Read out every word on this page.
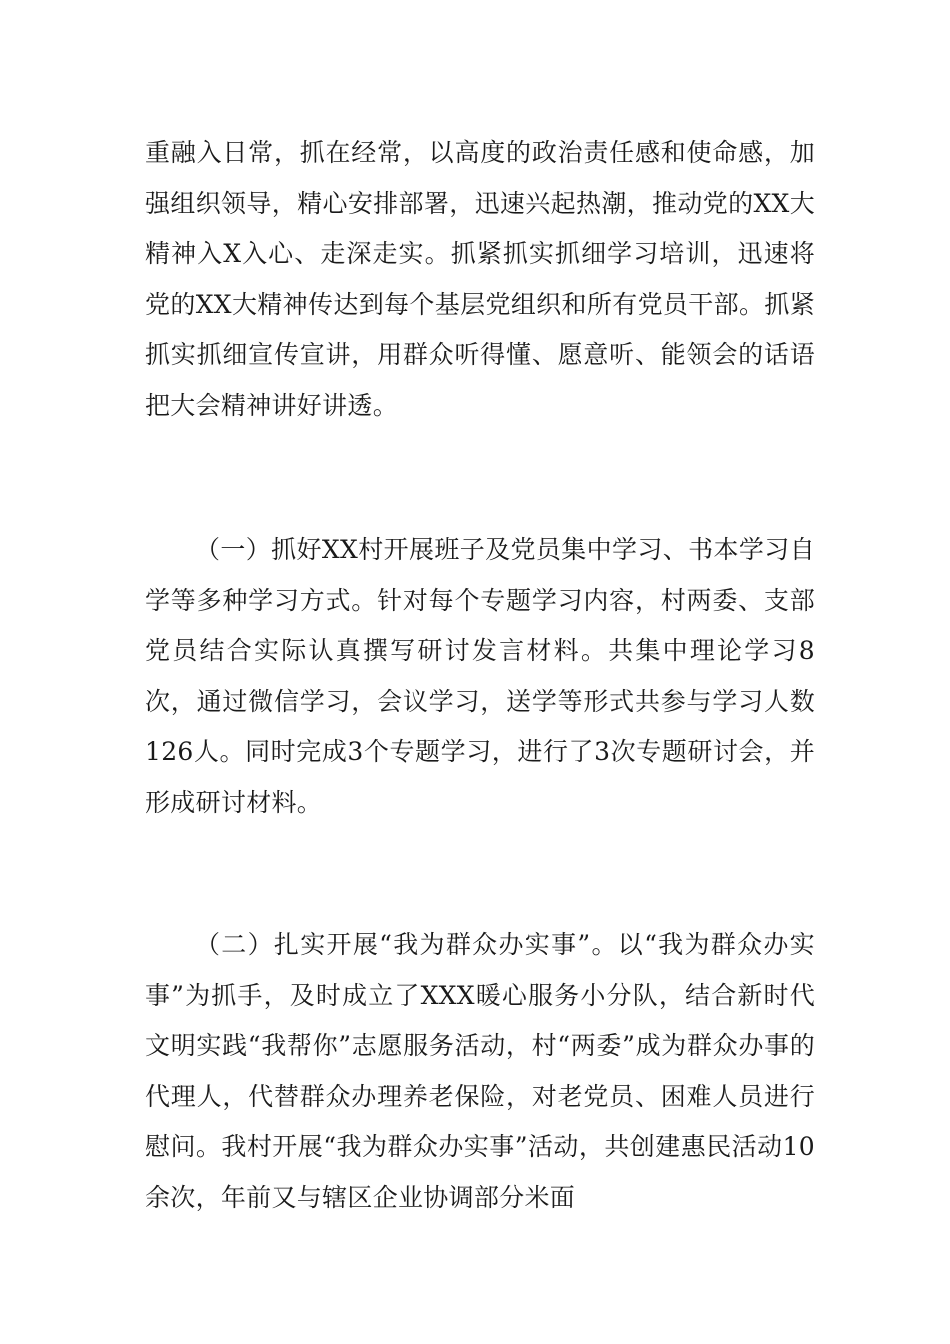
重融入日常，抓在经常，以高度的政治责任感和使命感，加强组织领导，精心安排部署，迅速兴起热潮，推动党的XX大精神入X入心、走深走实。抓紧抓实抓细学习培训，迅速将党的XX大精神传达到每个基层党组织和所有党员干部。抓紧抓实抓细宣传宣讲，用群众听得懂、愿意听、能领会的话语把大会精神讲好讲透。

（一）抓好XX村开展班子及党员集中学习、书本学习自学等多种学习方式。针对每个专题学习内容，村两委、支部党员结合实际认真撰写研讨发言材料。共集中理论学习8次，通过微信学习，会议学习，送学等形式共参与学习人数126人。同时完成3个专题学习，进行了3次专题研讨会，并形成研讨材料。

（二）扎实开展“我为群众办实事”。以“我为群众办实事”为抓手，及时成立了XXX暖心服务小分队，结合新时代文明实践“我帮你”志愿服务活动，村“两委”成为群众办事的代理人，代替群众办理养老保险，对老党员、困难人员进行慰问。我村开展“我为群众办实事”活动，共创建惠民活动10余次，年前又与辖区企业协调部分米面
